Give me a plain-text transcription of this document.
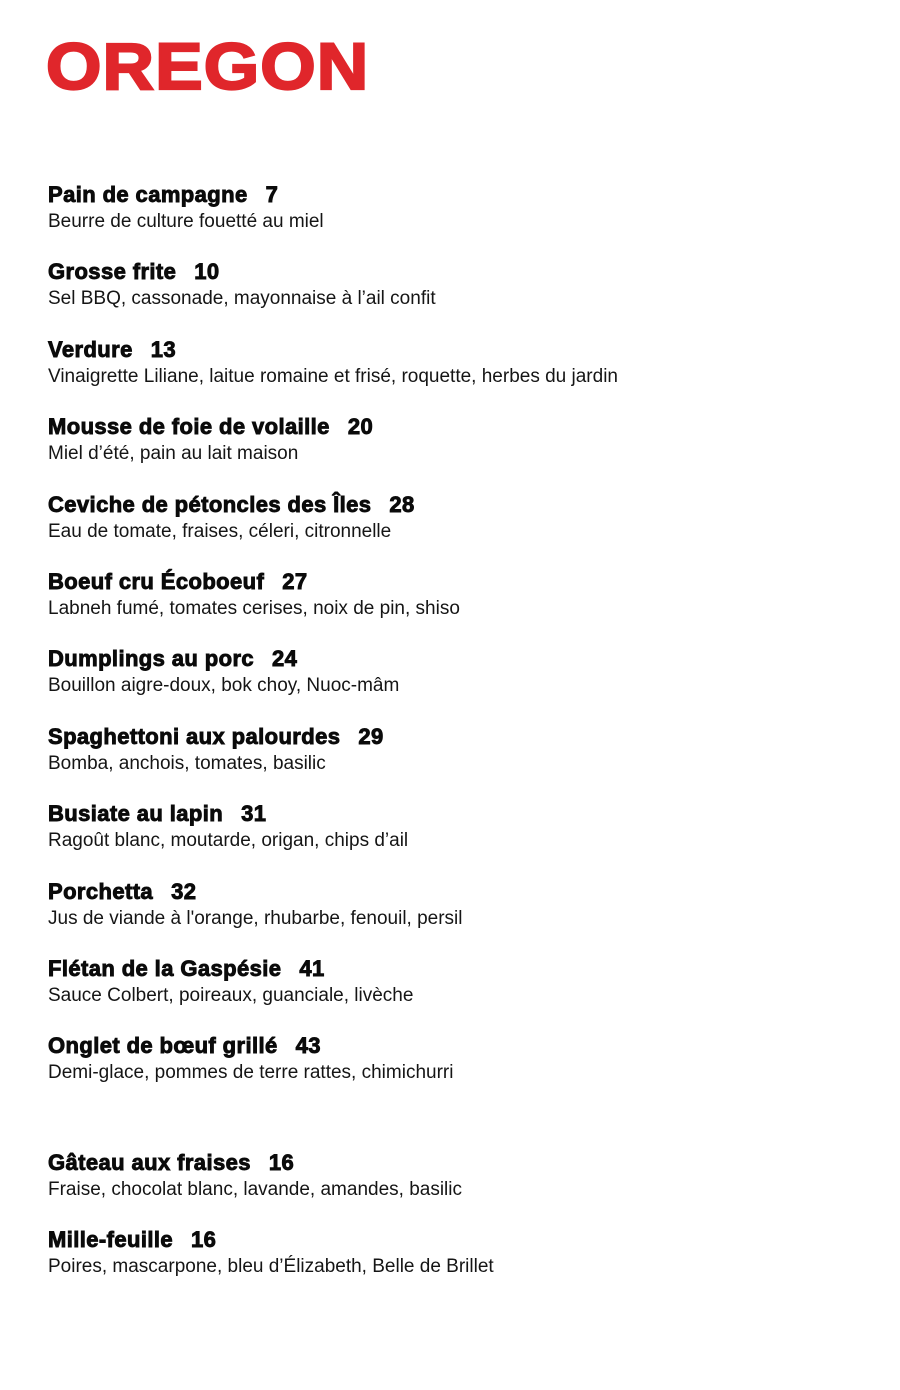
OREGON
Pain de campagne 7
Beurre de culture fouetté au miel
Grosse frite 10
Sel BBQ, cassonade, mayonnaise à l’ail confit
Verdure 13
Vinaigrette Liliane, laitue romaine et frisé, roquette, herbes du jardin
Mousse de foie de volaille 20
Miel d’été, pain au lait maison
Ceviche de pétoncles des Îles 28
Eau de tomate, fraises, céleri, citronnelle
Boeuf cru Écoboeuf 27
Labneh fumé, tomates cerises, noix de pin, shiso
Dumplings au porc 24
Bouillon aigre-doux, bok choy, Nuoc-mâm
Spaghettoni aux palourdes 29
Bomba, anchois, tomates, basilic
Busiate au lapin 31
Ragoût blanc, moutarde, origan, chips d’ail
Porchetta 32
Jus de viande à l'orange, rhubarbe, fenouil, persil
Flétan de la Gaspésie 41
Sauce Colbert, poireaux, guanciale, livèche
Onglet de bœuf grillé 43
Demi-glace, pommes de terre rattes, chimichurri
Gâteau aux fraises 16
Fraise, chocolat blanc, lavande, amandes, basilic
Mille-feuille 16
Poires, mascarpone, bleu d’Élizabeth, Belle de Brillet
